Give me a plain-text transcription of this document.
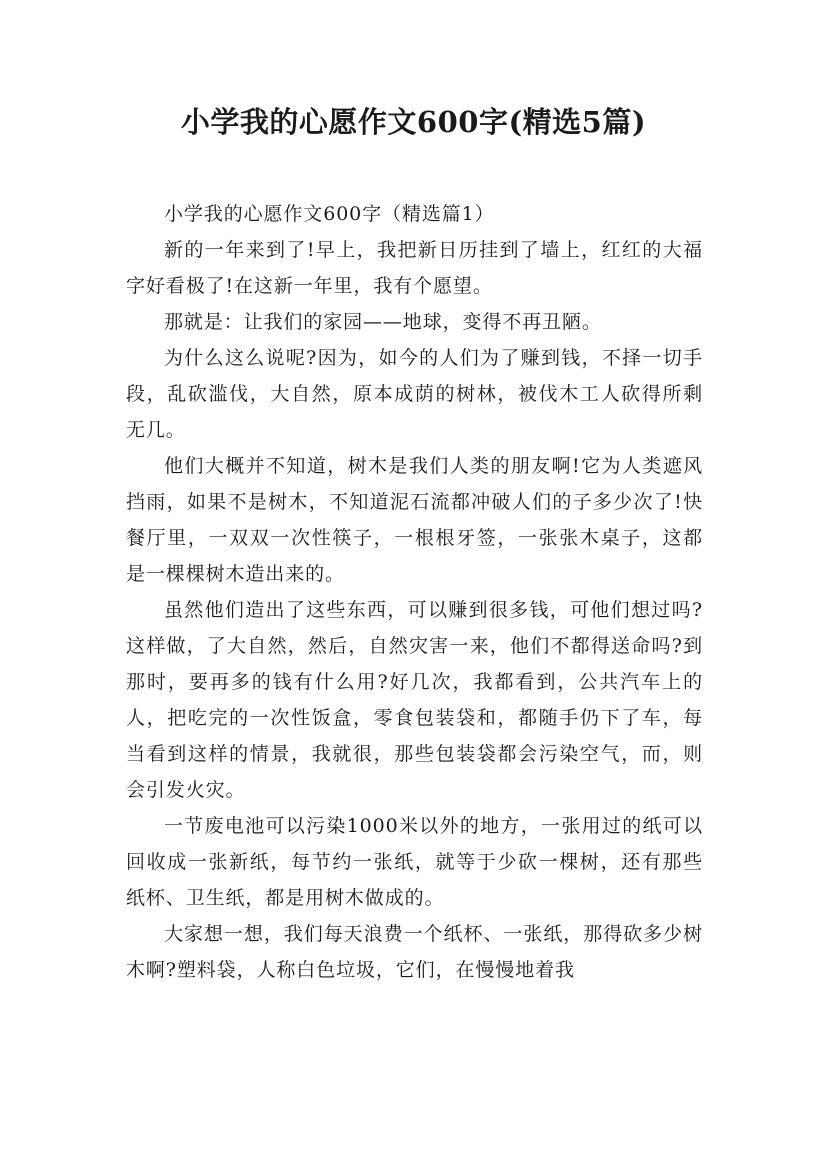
小学我的心愿作文600字(精选5篇)

小学我的心愿作文600字（精选篇1）

新的一年来到了!早上，我把新日历挂到了墙上，红红的大福字好看极了!在这新一年里，我有个愿望。

那就是：让我们的家园——地球，变得不再丑陋。

为什么这么说呢?因为，如今的人们为了赚到钱，不择一切手段，乱砍滥伐，大自然，原本成荫的树林，被伐木工人砍得所剩无几。

他们大概并不知道，树木是我们人类的朋友啊!它为人类遮风挡雨，如果不是树木，不知道泥石流都冲破人们的子多少次了!快餐厅里，一双双一次性筷子，一根根牙签，一张张木桌子，这都是一棵棵树木造出来的。

虽然他们造出了这些东西，可以赚到很多钱，可他们想过吗?这样做，了大自然，然后，自然灾害一来，他们不都得送命吗?到那时，要再多的钱有什么用?好几次，我都看到，公共汽车上的人，把吃完的一次性饭盒，零食包装袋和，都随手仍下了车，每当看到这样的情景，我就很，那些包装袋都会污染空气，而，则会引发火灾。

一节废电池可以污染1000米以外的地方，一张用过的纸可以回收成一张新纸，每节约一张纸，就等于少砍一棵树，还有那些纸杯、卫生纸，都是用树木做成的。

大家想一想，我们每天浪费一个纸杯、一张纸，那得砍多少树木啊?塑料袋，人称白色垃圾，它们，在慢慢地着我
